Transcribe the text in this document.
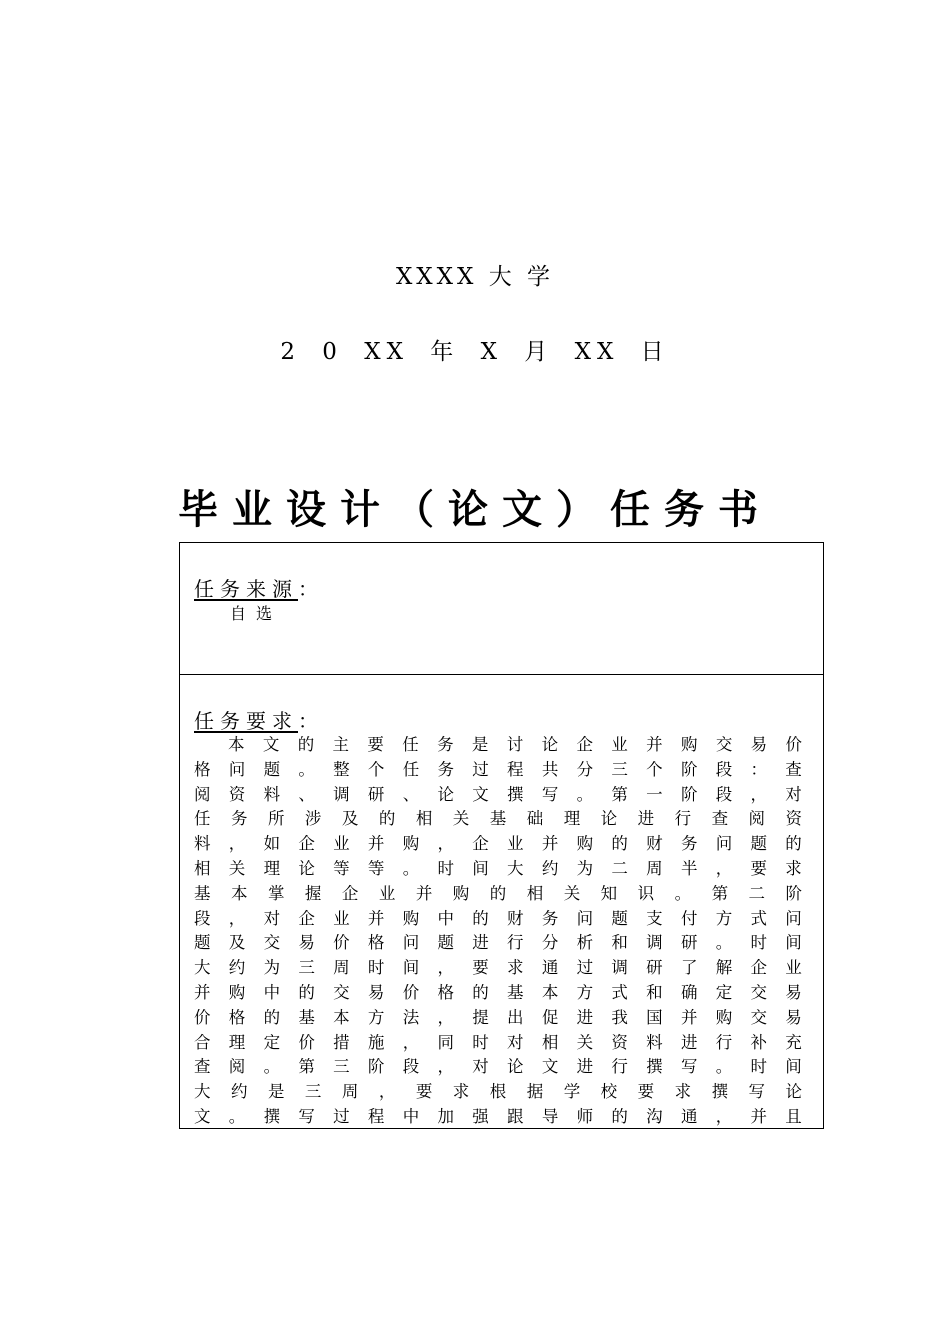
XXXX 大 学
2 0 XX 年 X 月 XX 日
毕业设计（论文）任务书
任务来源：
自选
任务要求：
本 文 的 主 要 任 务 是 讨 论 企 业 并 购 交 易 价
格 问 题 。 整 个 任 务 过 程 共 分 三 个 阶 段 ： 查
阅 资 料 、 调 研 、 论 文 撰 写 。 第 一 阶 段 ， 对
任 务 所 涉 及 的 相 关 基 础 理 论 进 行 查 阅 资
料 ， 如 企 业 并 购 ， 企 业 并 购 的 财 务 问 题 的
相 关 理 论 等 等 。 时 间 大 约 为 二 周 半 ， 要 求
基 本 掌 握 企 业 并 购 的 相 关 知 识 。 第 二 阶
段 ， 对 企 业 并 购 中 的 财 务 问 题 支 付 方 式 问
题 及 交 易 价 格 问 题 进 行 分 析 和 调 研 。 时 间
大 约 为 三 周 时 间 ， 要 求 通 过 调 研 了 解 企 业
并 购 中 的 交 易 价 格 的 基 本 方 式 和 确 定 交 易
价 格 的 基 本 方 法 ， 提 出 促 进 我 国 并 购 交 易
合 理 定 价 措 施 ， 同 时 对 相 关 资 料 进 行 补 充
查 阅 。 第 三 阶 段 ， 对 论 文 进 行 撰 写 。 时 间
大 约 是 三 周 ， 要 求 根 据 学 校 要 求 撰 写 论
文 。 撰 写 过 程 中 加 强 跟 导 师 的 沟 通 ， 并 且
